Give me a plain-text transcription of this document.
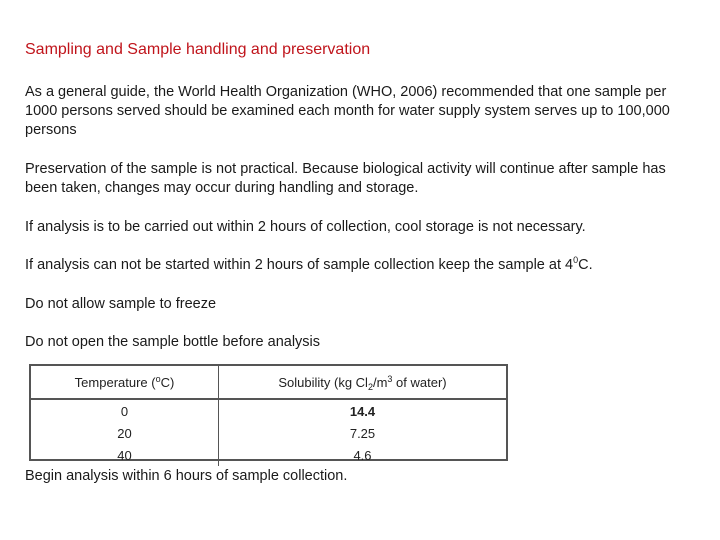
Sampling and Sample handling and preservation
As a general guide, the World Health Organization (WHO, 2006) recommended that one sample per 1000 persons served should be examined each month for water supply system serves up to 100,000 persons
Preservation of the sample is not practical. Because biological activity will continue after sample has been taken, changes may occur during handling and storage.
If analysis is to be carried out within 2 hours of collection, cool storage is not necessary.
If analysis can not be started within 2 hours of sample collection keep the sample at $4^0C$.
Do not allow sample to freeze
Do not open the sample bottle before analysis
Temperature ($^o$C)	Solubility (kg $Cl_2/m^3$ of water)
0	14.4
20	7.25
40	4.6
Begin analysis within 6 hours of sample collection.
